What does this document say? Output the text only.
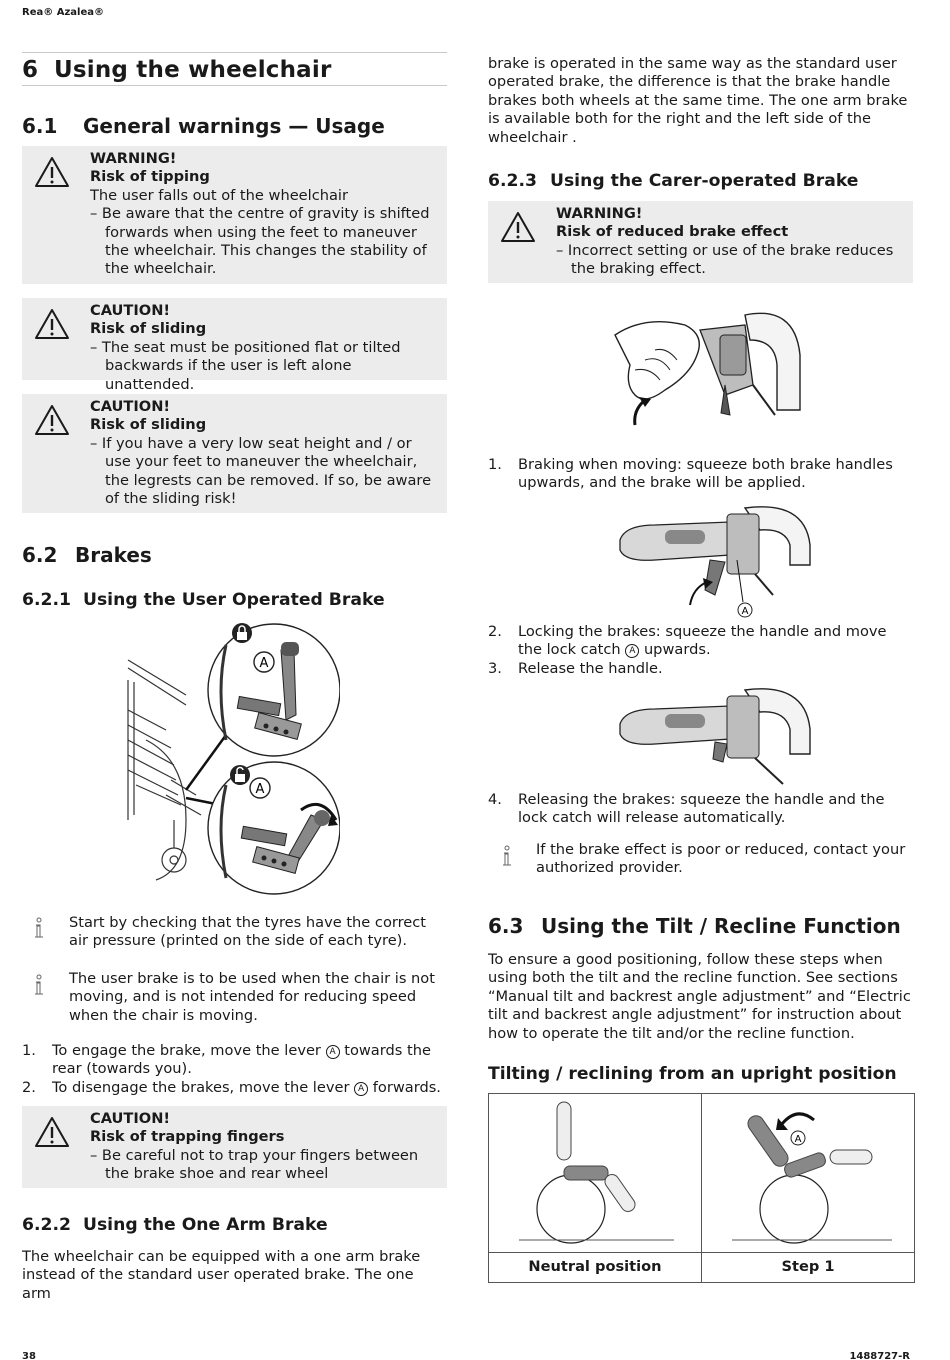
Rea® Azalea®
6 Using the wheelchair
6.1 General warnings — Usage
WARNING!
Risk of tipping
The user falls out of the wheelchair
– Be aware that the centre of gravity is shifted forwards when using the feet to maneuver the wheelchair. This changes the stability of the wheelchair.
CAUTION!
Risk of sliding
– The seat must be positioned flat or tilted backwards if the user is left alone unattended.
CAUTION!
Risk of sliding
– If you have a very low seat height and / or use your feet to maneuver the wheelchair, the legrests can be removed. If so, be aware of the sliding risk!
6.2 Brakes
6.2.1 Using the User Operated Brake
A
A
Start by checking that the tyres have the correct air pressure (printed on the side of each tyre).
The user brake is to be used when the chair is not moving, and is not intended for reducing speed when the chair is moving.
1. To engage the brake, move the lever A towards the rear (towards you).
2. To disengage the brakes, move the lever A forwards.
CAUTION!
Risk of trapping fingers
– Be careful not to trap your fingers between the brake shoe and rear wheel
6.2.2 Using the One Arm Brake
The wheelchair can be equipped with a one arm brake instead of the standard user operated brake. The one arm
brake is operated in the same way as the standard user operated brake, the difference is that the brake handle brakes both wheels at the same time. The one arm brake is available both for the right and the left side of the wheelchair .
6.2.3 Using the Carer-operated Brake
WARNING!
Risk of reduced brake effect
– Incorrect setting or use of the brake reduces the braking effect.
1. Braking when moving: squeeze both brake handles upwards, and the brake will be applied.
A
2. Locking the brakes: squeeze the handle and move the lock catch A upwards.
3. Release the handle.
4. Releasing the brakes: squeeze the handle and the lock catch will release automatically.
If the brake effect is poor or reduced, contact your authorized provider.
6.3 Using the Tilt / Recline Function
To ensure a good positioning, follow these steps when using both the tilt and the recline function. See sections “Manual tilt and backrest angle adjustment” and “Electric tilt and backrest angle adjustment” for instruction about how to operate the tilt and/or the recline function.
Tilting / reclining from an upright position

A

Neutral position	Step 1
38	1488727-R
